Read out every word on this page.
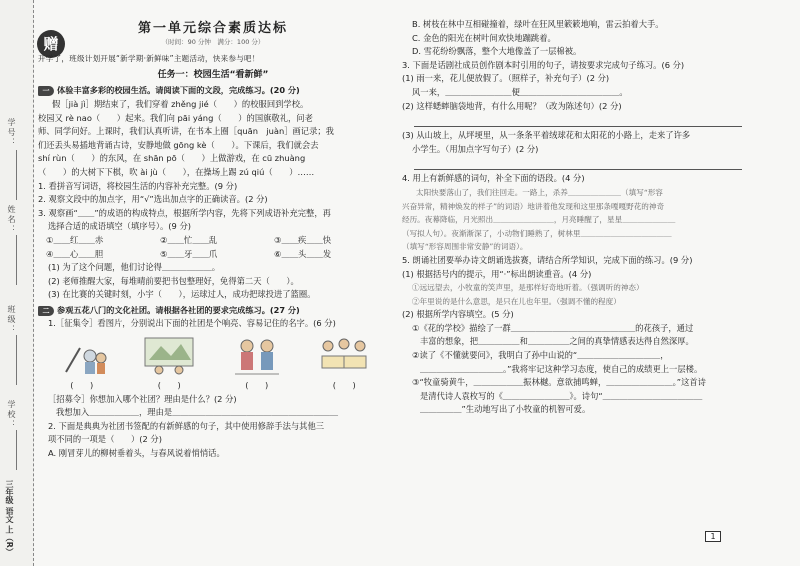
学号：
姓名：
班级：
学校：
三年级 语文 上（R）
赠
第一单元综合素质达标
（时间：90 分钟　满分：100 分）
开学了，班级计划开展“新学期·新鲜味”主题活动，快来参与吧！
任务一：校园生活“看新鲜”
一 体验丰富多彩的校园生活。请阅读下面的文段，完成练习。(20 分)
假［jià jì］期结束了，我们穿着 zhěng jié（　　）的校服回到学校。
校园又 rè nao（　　）起来。我们向 pāi yáng（　　）的国旗敬礼，问老
师、同学问好。上课时，我们认真听讲，在书本上圈［quān　juàn］画记录；我
们还丢头易插地背诵古诗，安静地做 gōng kè（　　）。下课后，我们就会去
shí rùn（　　）的东风，在 shān pō（　　）上做游戏，在 cū zhuàng
（　　）的大树下下棋，吹 ài jù（　　），在操场上踢 zú qiú（　　）……
1. 看拼音写词语，将校园生活的内容补充完整。(9 分)
2. 观察文段中的加点字，用“√”选出加点字的正确读音。(2 分)
3. 观察画“＿＿”的成语的构成特点，根据所学内容，先将下列成语补充完整，再
选择合适的成语填空（填序号）。(9 分)
①＿＿红＿＿赤	②＿＿忙＿＿乱	③＿＿疾＿＿快
④＿＿心＿＿胆	⑤＿＿牙＿＿爪	⑥＿＿头＿＿发
(1) 为了这个问题，他们讨论得＿＿＿＿＿＿。
(2) 老师推醒大家，每堆晴前要把书包整理好，免得第二天（　　）。
(3) 在比赛的关键时刻，小宇（　　），运球过人，成功把球投进了篮圈。
二 参观五花八门的文化社团。请根据各社团的要求完成练习。(27 分)
1.［征集令］看图片，分别说出下面的社团是个响亮、容易记住的名字。(6 分)
(　　)	(　　)	(　　)	(　　)
［招募令］你想加入哪个社团？理由是什么？(2 分)
我想加入＿＿＿＿＿＿，理由是＿＿＿＿＿＿＿＿＿＿＿＿＿＿＿＿＿＿＿＿
2. 下面是典典为社团书签配的有新鲜感的句子，其中使用修辞手法与其他三
项不同的一项是（　　）(2 分)
A. 刚冒芽儿的柳树垂着头，与春风说着悄悄话。
B. 树枝在林中互相碰撞着，绿叶在狂风里簌簌地响，雷云拍着大手。
C. 金色的阳光在树叶间欢快地蹦跳着。
D. 雪花纷纷飘落，整个大地像盖了一层棉被。
3. 下面是话剧社成员创作剧本时引用的句子，请按要求完成句子练习。(6 分)
(1) 雨一来，花儿便放假了。（照样子，补充句子）(2 分)
风一来，＿＿＿＿＿＿＿＿便＿＿＿＿＿＿＿＿＿＿＿＿。
(2) 这样蟋蟀脑袋地背，有什么用呢？（改为陈述句）(2 分)
(3) 从山坡上，从坪埂里，从一条条平着绒球花和太阳花的小路上，走来了许多
小学生。（用加点字写句子）(2 分)
4. 用上有新鲜感的词句，补全下面的语段。(4 分)
太阳快要落山了，我们往回走。一路上，杀养＿＿＿＿＿＿＿（填写“形容
兴奋异常，精神焕发的样子”的词语）地讲着他发现和这里那条嘎嘎野花的神奇
经历。夜幕降临，月光照出＿＿＿＿＿＿＿＿，月亮睡醒了，星星＿＿＿＿＿＿＿
（写拟人句）。夜渐渐深了，小动物们睡熟了，树林里＿＿＿＿＿＿＿＿＿＿＿＿
（填写“形容周围非常安静”的词语）。
5. 朗诵社团要举办诗文朗诵选拔赛，请结合所学知识，完成下面的练习。(9 分)
(1) 根据括号内的提示，用“·”标出朗读重音。(4 分)
①远远望去，小牧童的笑声里，是那样好奇地听着。（强调听的神态）
②年里说的是什么意思，是只在儿也年里。（强调不懂的程度）
(2) 根据所学内容填空。(5 分)
①《花的学校》描绘了一群＿＿＿＿＿＿＿＿＿＿＿＿＿＿＿的花孩子，通过
丰富的想象，把＿＿＿＿＿和＿＿＿＿＿之间的真挚情感表达得自然深厚。
②读了《不懂就要问》，我明白了孙中山说的“＿＿＿＿＿＿＿＿＿＿，
＿＿＿＿＿＿＿＿＿＿。”我将牢记这种学习态度，使自己的成绩更上一层楼。
③“牧童骑黄牛，＿＿＿＿＿＿振林樾。意欲捕鸣蝉，＿＿＿＿＿＿＿＿。”这首诗
是清代诗人袁枚写的《＿＿＿＿＿＿＿＿》。诗句“＿＿＿＿＿＿＿＿＿＿＿＿
＿＿＿＿＿”生动地写出了小牧童的机智可爱。
1
